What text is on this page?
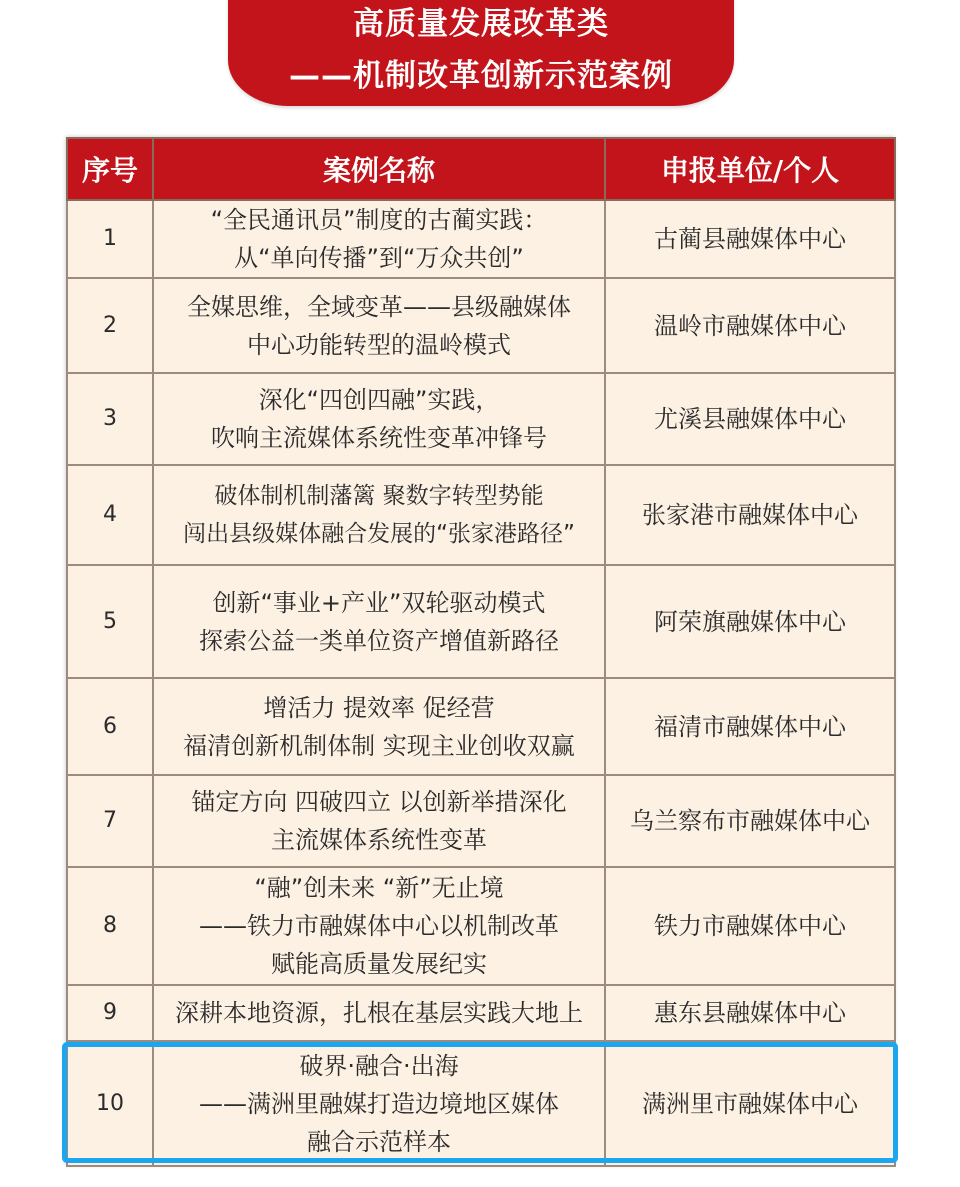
高质量发展改革类
——机制改革创新示范案例
序号	案例名称	申报单位/个人
1	“全民通讯员”制度的古蔺实践：
从“单向传播”到“万众共创”	古蔺县融媒体中心
2	全媒思维，全域变革——县级融媒体
中心功能转型的温岭模式	温岭市融媒体中心
3	深化“四创四融”实践，
吹响主流媒体系统性变革冲锋号	尤溪县融媒体中心
4	破体制机制藩篱 聚数字转型势能
闯出县级媒体融合发展的“张家港路径”	张家港市融媒体中心
5	创新“事业+产业”双轮驱动模式
探索公益一类单位资产增值新路径	阿荣旗融媒体中心
6	增活力 提效率 促经营
福清创新机制体制 实现主业创收双赢	福清市融媒体中心
7	锚定方向 四破四立 以创新举措深化
主流媒体系统性变革	乌兰察布市融媒体中心
8	“融”创未来 “新”无止境
——铁力市融媒体中心以机制改革
赋能高质量发展纪实	铁力市融媒体中心
9	深耕本地资源，扎根在基层实践大地上	惠东县融媒体中心
10	破界·融合·出海
——满洲里融媒打造边境地区媒体
融合示范样本	满洲里市融媒体中心
